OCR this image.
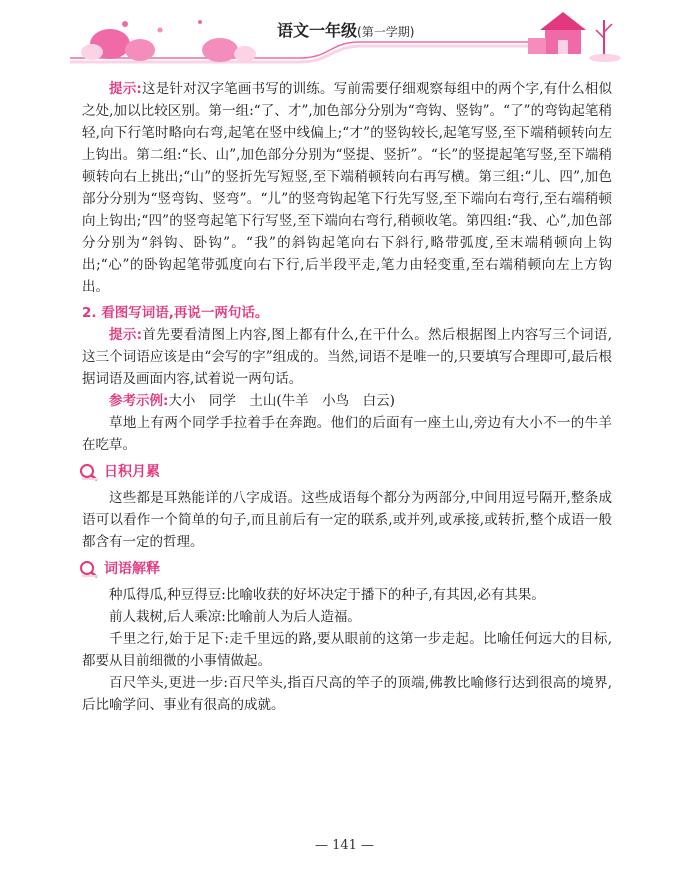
语文一年级(第一学期)

提示:这是针对汉字笔画书写的训练。写前需要仔细观察每组中的两个字,有什么相似之处,加以比较区别。第一组:“了、才”,加色部分分别为“弯钩、竖钩”。“了”的弯钩起笔稍轻,向下行笔时略向右弯,起笔在竖中线偏上;“才”的竖钩较长,起笔写竖,至下端稍顿转向左上钩出。第二组:“长、山”,加色部分分别为“竖提、竖折”。“长”的竖提起笔写竖,至下端稍顿转向右上挑出;“山”的竖折先写短竖,至下端稍顿转向右再写横。第三组:“儿、四”,加色部分分别为“竖弯钩、竖弯”。“儿”的竖弯钩起笔下行先写竖,至下端向右弯行,至右端稍顿向上钩出;“四”的竖弯起笔下行写竖,至下端向右弯行,稍顿收笔。第四组:“我、心”,加色部分分别为“斜钩、卧钩”。“我”的斜钩起笔向右下斜行,略带弧度,至末端稍顿向上钩出;“心”的卧钩起笔带弧度向右下行,后半段平走,笔力由轻变重,至右端稍顿向左上方钩出。

2. 看图写词语,再说一两句话。

提示:首先要看清图上内容,图上都有什么,在干什么。然后根据图上内容写三个词语,这三个词语应该是由“会写的字”组成的。当然,词语不是唯一的,只要填写合理即可,最后根据词语及画面内容,试着说一两句话。

参考示例:大小　同学　土山(牛羊　小鸟　白云)

草地上有两个同学手拉着手在奔跑。他们的后面有一座土山,旁边有大小不一的牛羊在吃草。

日积月累

这些都是耳熟能详的八字成语。这些成语每个都分为两部分,中间用逗号隔开,整条成语可以看作一个简单的句子,而且前后有一定的联系,或并列,或承接,或转折,整个成语一般都含有一定的哲理。

词语解释

种瓜得瓜,种豆得豆:比喻收获的好坏决定于播下的种子,有其因,必有其果。

前人栽树,后人乘凉:比喻前人为后人造福。

千里之行,始于足下:走千里远的路,要从眼前的这第一步走起。比喻任何远大的目标,都要从目前细微的小事情做起。

百尺竿头,更进一步:百尺竿头,指百尺高的竿子的顶端,佛教比喻修行达到很高的境界,后比喻学问、事业有很高的成就。

— 141 —
